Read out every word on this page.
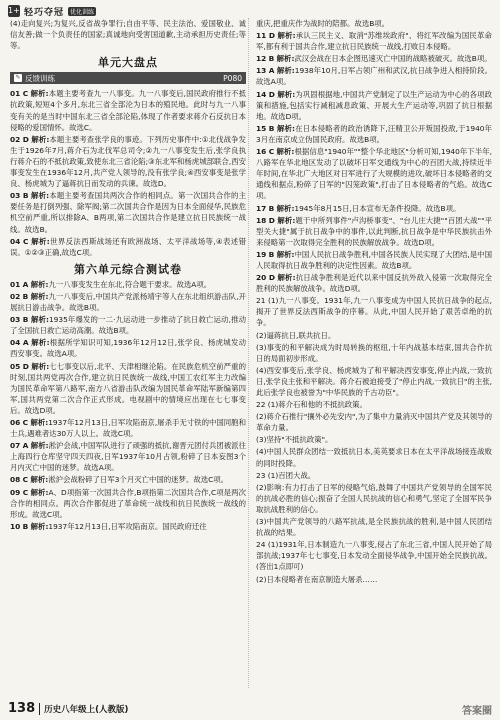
1+1 轻巧夺冠	优化训练

(4)走向复兴;为复兴,反省战争罪行;自由平等、民主法治、爱国敬业、诚信友善;做一个负责任的国家;真诚地向受害国道歉,主动承担历史责任;等等。

单元大盘点
✎ 反馈训练	P080

01 C 解析:本题主要考查九一八事变。九一八事变后,国民政府推行不抵抗政策,短短4个多月,东北三省全部沦为日本的殖民地。此时与九一八事变有关的是当时中国东北三省全部沦陷,体现了作者要求蒋介石反抗日本侵略的爱国情怀。故选C。

02 D 解析:本题主要考查张学良的事迹。下列历史事件中:①北伐战争发生于1926年7月,蒋介石为北伐军总司令;②九一八事变发生后,张学良执行蒋介石的不抵抗政策,致使东北三省沦陷;③东北军和杨虎城部联合,西安事变发生在1936年12月,共产党人领导的,没有张学良;④西安事变是张学良、杨虎城为了逼蒋抗日而发动的兵谏。故选D。

03 B 解析:本题主要考查国共两次合作的相同点。第一次国共合作的主要任务是打倒列强、除军阀;第二次国共合作是因为日本全面侵华,民族危机空前严重,所以排除A、B两项,第二次国共合作是建立抗日民族统一战线。故选B。

04 C 解析:世界反法西斯战场还有欧洲战场、太平洋战场等,④表述错误。①②③正确,故选C项。

第六单元综合测试卷

01 A 解析:九一八事变发生在东北,符合题干要求。故选A项。

02 B 解析:九一八事变后,中国共产党派杨靖宇等人在东北组织游击队,开展抗日游击战争。故选B项。

03 B 解析:1935年爆发的一二·九运动进一步推动了抗日救亡运动,推动了全国抗日救亡运动高潮。故选B项。

04 A 解析:根据所学知识可知,1936年12月12日,张学良、杨虎城发动西安事变。故选A项。

05 D 解析:七七事变以后,北平、天津相继沦陷。在民族危机空前严重的时刻,国共两党再次合作,建立抗日民族统一战线,中国工农红军主力改编为国民革命军第八路军,南方八省游击队改编为国民革命军陆军新编第四军,国共两党第二次合作正式形成。电视剧中的情境应出现在七七事变后。故选D项。

06 C 解析:1937年12月13日,日军攻陷南京,屠杀手无寸铁的中国同胞和士兵,遇难者达30万人以上。故选C项。

07 A 解析:淞沪会战,中国军队进行了顽强的抵抗,谢晋元团付兵团被派往上海四行仓库坚守四天四夜,日军1937年10月占领,粉碎了日本妄图3个月内灭亡中国的迷梦。故选A项。

08 C 解析:淞沪会战粉碎了日军3个月灭亡中国的迷梦。故选C项。

09 C 解析:A、D项指第一次国共合作,B项指第二次国共合作,C项是两次合作的相同点。两次合作都促进了革命统一战线和抗日民族统一战线的形成。故选C项。

10 B 解析:1937年12月13日,日军攻陷南京。国民政府迁往

重庆,把重庆作为战时的陪都。故选B项。

11 D 解析:承认三民主义、取消"苏维埃政府"、将红军改编为国民革命军,都有利于国共合作,建立抗日民族统一战线,打败日本侵略。

12 B 解析:武汉会战在日本企图迅速灭亡中国的战略被破灭。故选B项。

13 A 解析:1938年10月,日军占领广州和武汉,抗日战争进入相持阶段。故选A项。

14 D 解析:为巩固根据地,中国共产党制定了以生产运动为中心的各项政策和措施,包括实行减租减息政策、开展大生产运动等,巩固了抗日根据地。故选D项。

15 B 解析:在日本侵略者的政治诱降下,汪精卫公开叛国投敌,于1940年3月在南京成立伪国民政府。故选B项。

16 C 解析:根据信息"1940年""整个华北地区"分析可知,1940年下半年,八路军在华北地区发动了以破坏日军交通线为中心的百团大战,持续近半年时间,在华北广大地区对日军进行了大规模的进攻,破坏日本侵略者的交通线和据点,粉碎了日军的"囚笼政策",打击了日本侵略者的气焰。故选C项。

17 B 解析:1945年8月15日,日本宣布无条件投降。故选B项。

18 D 解析:题干中所列事件"卢沟桥事变"、"台儿庄大捷""百团大战""平型关大捷"属于抗日战争中的事件,以此判断,抗日战争是中华民族抗击外来侵略第一次取得完全胜利的民族解放战争。故选D项。

19 B 解析:中国人民抗日战争胜利,中国各民族人民实现了大团结,是中国人民取得抗日战争胜利的决定性因素。故选B项。

20 D 解析:抗日战争胜利是近代以来中国反抗外敌入侵第一次取得完全胜利的民族解放战争。故选D项。

21 (1)九一八事变。1931年,九一八事变成为中国人民抗日战争的起点,揭开了世界反法西斯战争的序幕。从此,中国人民开始了艰苦卓绝的抗争。

(2)逼蒋抗日,联共抗日。

(3)事变的和平解决成为时局转换的枢纽,十年内战基本结束,国共合作抗日的局面初步形成。

(4)西安事变后,张学良、杨虎城为了和平解决西安事变,停止内战,一致抗日,张学良主张和平解决。蒋介石被迫接受了"停止内战,一致抗日"的主张,此后张学良也被誉为"中华民族的千古功臣"。

22 (1)蒋介石和他的不抵抗政策。

(2)蒋介石推行"攘外必先安内",为了集中力量消灭中国共产党及其领导的革命力量。

(3)坚持"不抵抗政策"。

(4)中国人民群众团结一致抵抗日本,美英要求日本在太平洋战场接连战败的同时投降。

23 (1)百团大战。

(2)影响:有力打击了日军的侵略气焰,鼓舞了中国共产党领导的全国军民的抗战必胜的信心;振奋了全国人民抗战的信心和勇气,坚定了全国军民争取抗战胜利的信心。

(3)中国共产党领导的八路军抗战,是全民族抗战的胜利,是中国人民团结抗战的结果。

24 (1)1931年,日本制造九一八事变,侵占了东北三省,中国人民开始了局部抗战;1937年七七事变,日本发动全面侵华战争,中国开始全民族抗战。(答出1点即可)

(2)日本侵略者在南京制造大屠杀……

138 历史八年级上(人教版)	答案圈
